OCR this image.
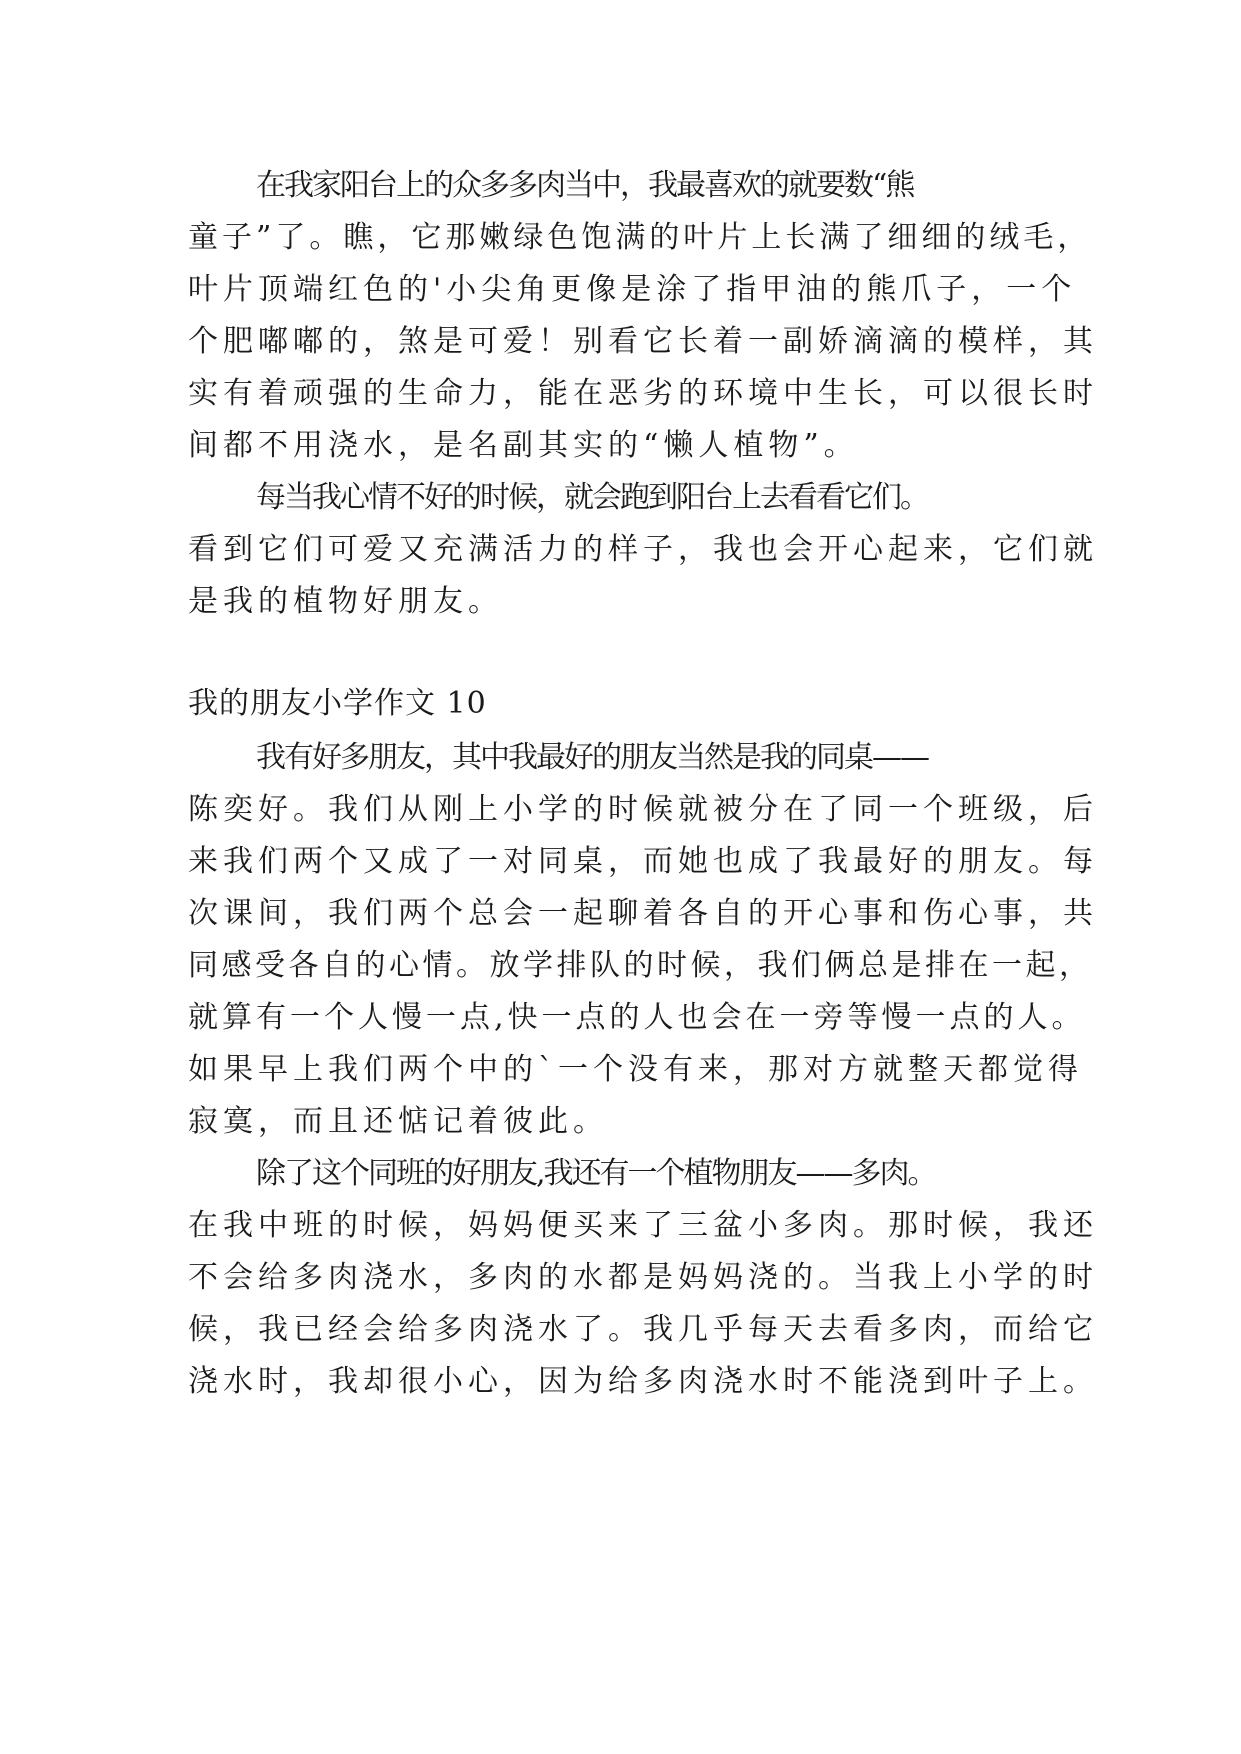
在我家阳台上的众多多肉当中，我最喜欢的就要数“熊
童子”了。瞧，它那嫩绿色饱满的叶片上长满了细细的绒毛，
叶片顶端红色的'小尖角更像是涂了指甲油的熊爪子，一个
个肥嘟嘟的，煞是可爱！别看它长着一副娇滴滴的模样，其
实有着顽强的生命力，能在恶劣的环境中生长，可以很长时
间都不用浇水，是名副其实的“懒人植物”。
每当我心情不好的时候，就会跑到阳台上去看看它们。
看到它们可爱又充满活力的样子，我也会开心起来，它们就
是我的植物好朋友。
我的朋友小学作文 10
我有好多朋友，其中我最好的朋友当然是我的同桌——
陈奕好。我们从刚上小学的时候就被分在了同一个班级，后
来我们两个又成了一对同桌，而她也成了我最好的朋友。每
次课间，我们两个总会一起聊着各自的开心事和伤心事，共
同感受各自的心情。放学排队的时候，我们俩总是排在一起，
就算有一个人慢一点,快一点的人也会在一旁等慢一点的人。
如果早上我们两个中的`一个没有来，那对方就整天都觉得
寂寞，而且还惦记着彼此。
除了这个同班的好朋友,我还有一个植物朋友——多肉。
在我中班的时候，妈妈便买来了三盆小多肉。那时候，我还
不会给多肉浇水，多肉的水都是妈妈浇的。当我上小学的时
候，我已经会给多肉浇水了。我几乎每天去看多肉，而给它
浇水时，我却很小心，因为给多肉浇水时不能浇到叶子上。
